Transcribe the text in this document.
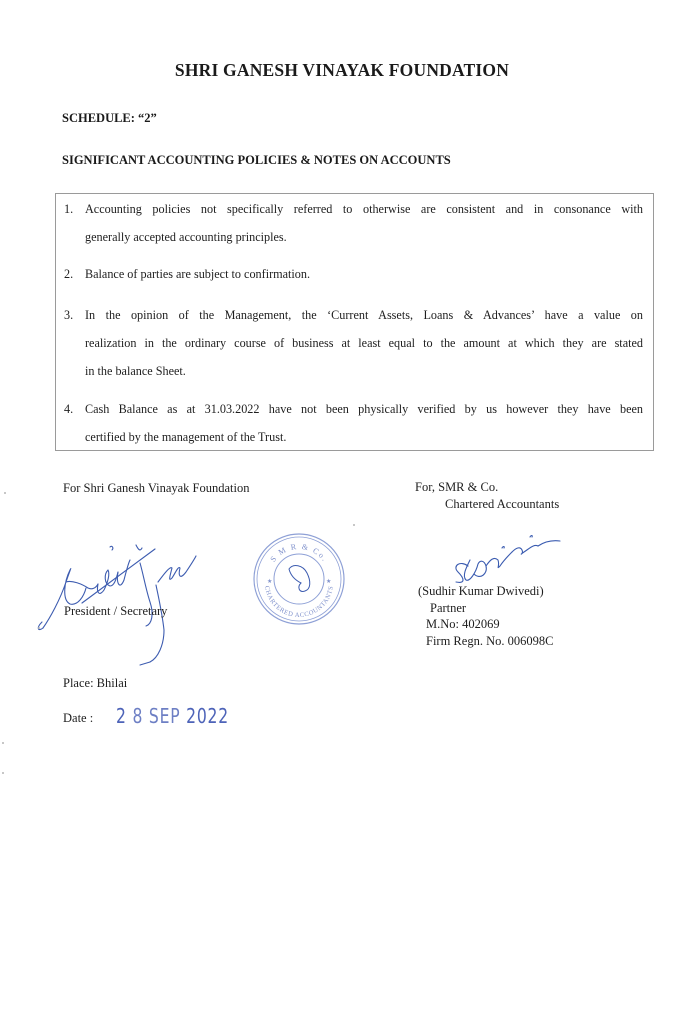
SHRI GANESH VINAYAK FOUNDATION
SCHEDULE: “2”
SIGNIFICANT ACCOUNTING POLICIES & NOTES ON ACCOUNTS
1. Accounting policies not specifically referred to otherwise are consistent and in consonance with
generally accepted accounting principles.
2. Balance of parties are subject to confirmation.
3. In the opinion of the Management, the ‘Current Assets, Loans & Advances’ have a value on
realization in the ordinary course of business at least equal to the amount at which they are stated
in the balance Sheet.
4. Cash Balance as at 31.03.2022 have not been physically verified by us however they have been
certified by the management of the Trust.
For Shri Ganesh Vinayak Foundation
S M R & Co.
CHARTERED ACCOUNTANTS
★	★
President / Secretary
For, SMR & Co.
Chartered Accountants
(Sudhir Kumar Dwivedi)
Partner
M.No: 402069
Firm Regn. No. 006098C
Place: Bhilai
Date : 2 8 SEP 2022
